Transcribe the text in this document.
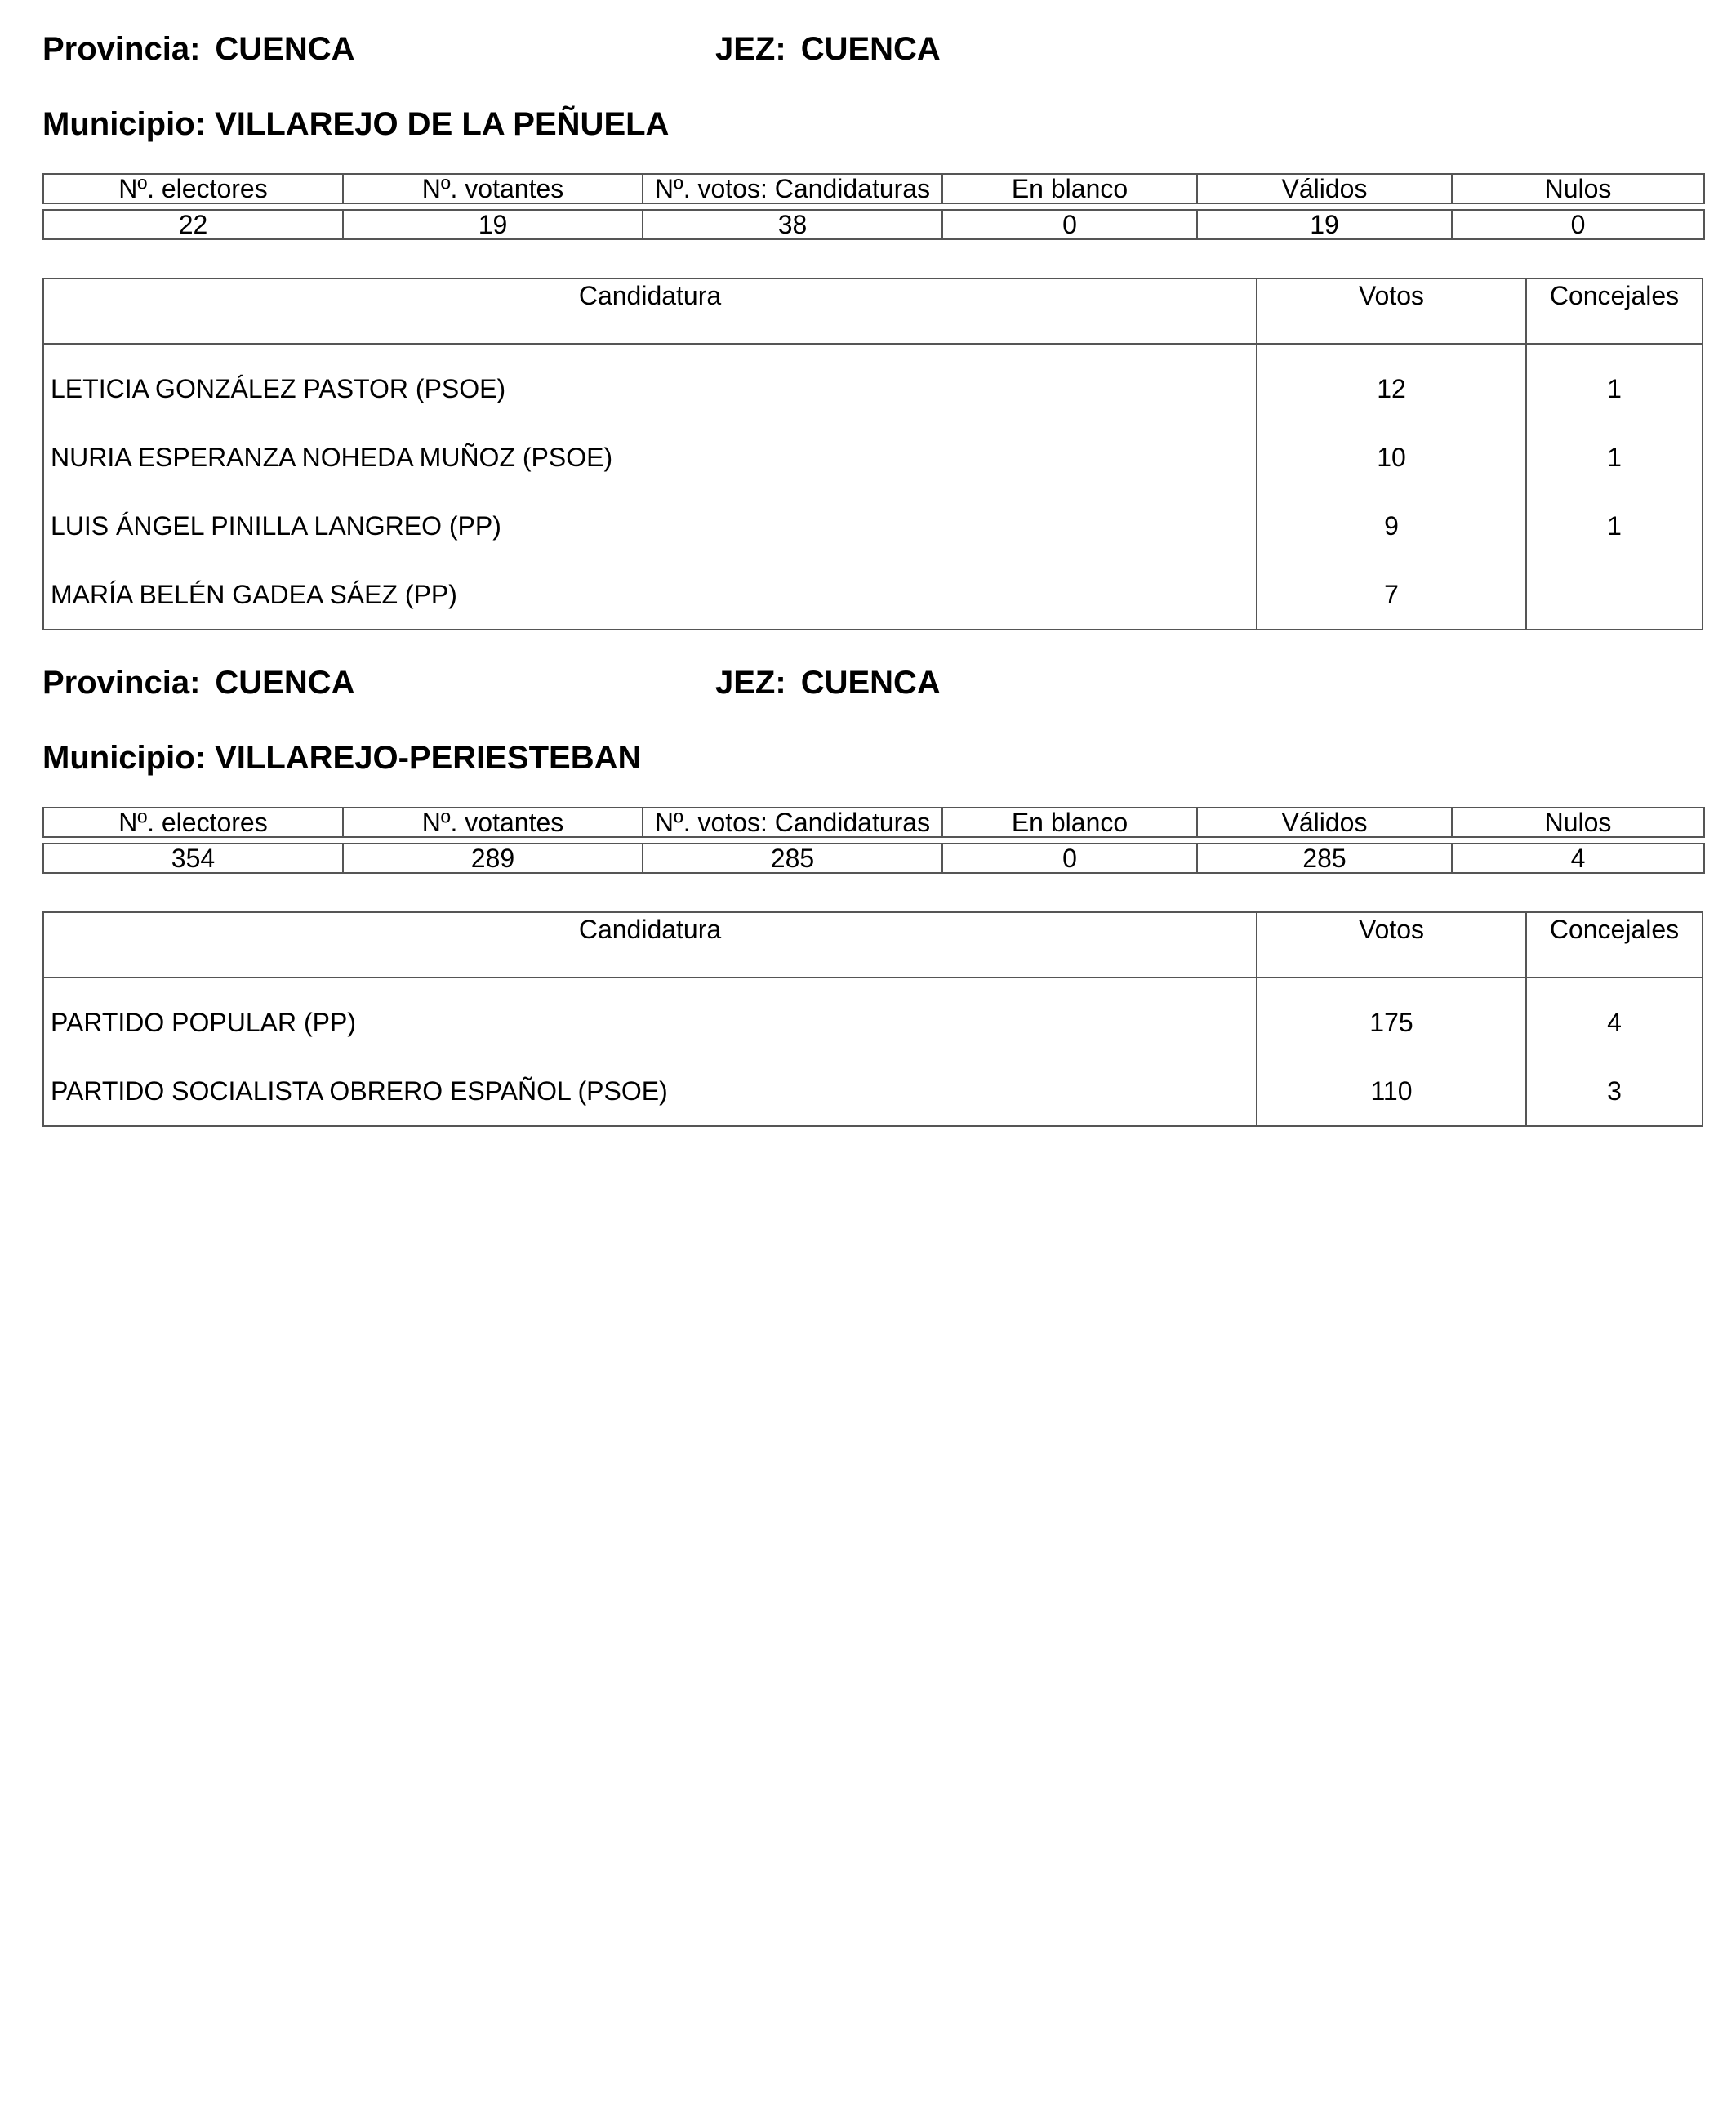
Provincia: CUENCA	JEZ: CUENCA
Municipio: VILLAREJO DE LA PEÑUELA
Nº. electores	Nº. votantes	Nº. votos: Candidaturas	En blanco	Válidos	Nulos

22	19	38	0	19	0
Candidatura	Votos	Concejales
LETICIA GONZÁLEZ PASTOR (PSOE)	12	1
NURIA ESPERANZA NOHEDA MUÑOZ (PSOE)	10	1
LUIS ÁNGEL PINILLA LANGREO (PP)	9	1
MARÍA BELÉN GADEA SÁEZ (PP)	7
Provincia: CUENCA	JEZ: CUENCA
Municipio: VILLAREJO-PERIESTEBAN
Nº. electores	Nº. votantes	Nº. votos: Candidaturas	En blanco	Válidos	Nulos

354	289	285	0	285	4
Candidatura	Votos	Concejales
PARTIDO POPULAR (PP)	175	4
PARTIDO SOCIALISTA OBRERO ESPAÑOL (PSOE)	110	3
